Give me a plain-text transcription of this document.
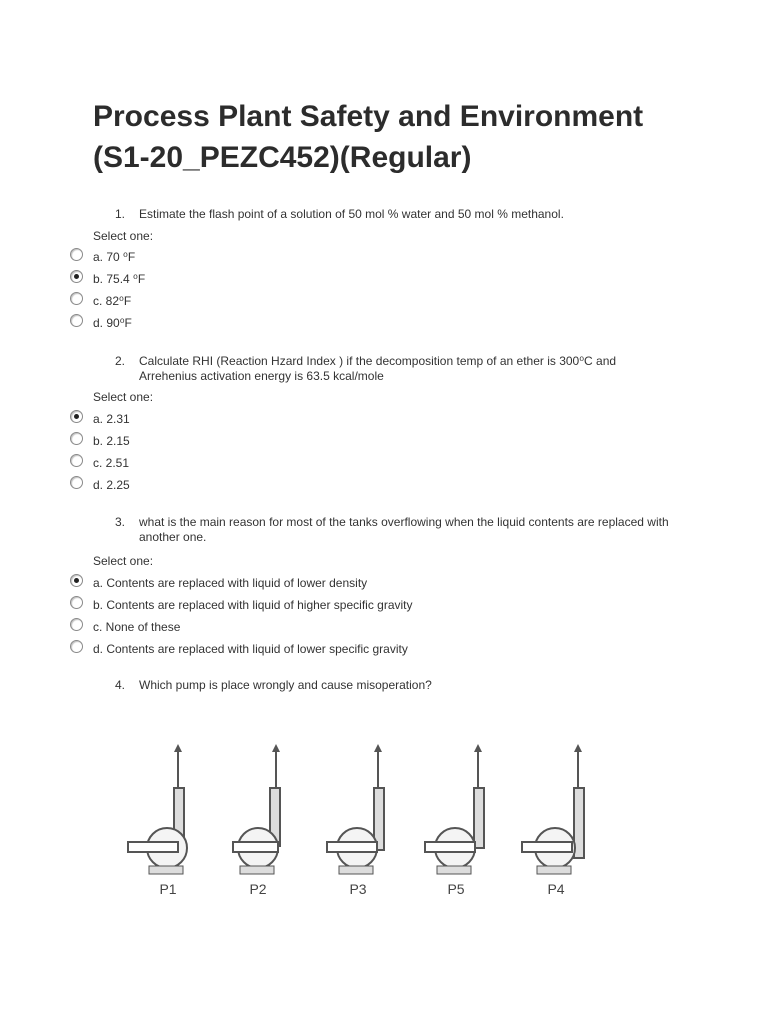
Process Plant Safety and Environment
(S1-20_PEZC452)(Regular)
1. Estimate the flash point of a solution of 50 mol % water and 50 mol % methanol.
Select one:
a. 70 ⁰F
b. 75.4 ⁰F
c. 82⁰F
d. 90⁰F
2. Calculate RHI (Reaction Hzard Index ) if the decomposition temp of an ether is 300⁰C and Arrehenius activation energy is 63.5 kcal/mole
Select one:
a. 2.31
b. 2.15
c. 2.51
d. 2.25
3. what is the main reason for most of the tanks overflowing when the liquid contents are replaced with another one.
Select one:
a. Contents are replaced with liquid of lower density
b. Contents are replaced with liquid of higher specific gravity
c. None of these
d. Contents are replaced with liquid of lower specific gravity
4. Which pump is place wrongly and cause misoperation?
P1	P2	P3	P5	P4
